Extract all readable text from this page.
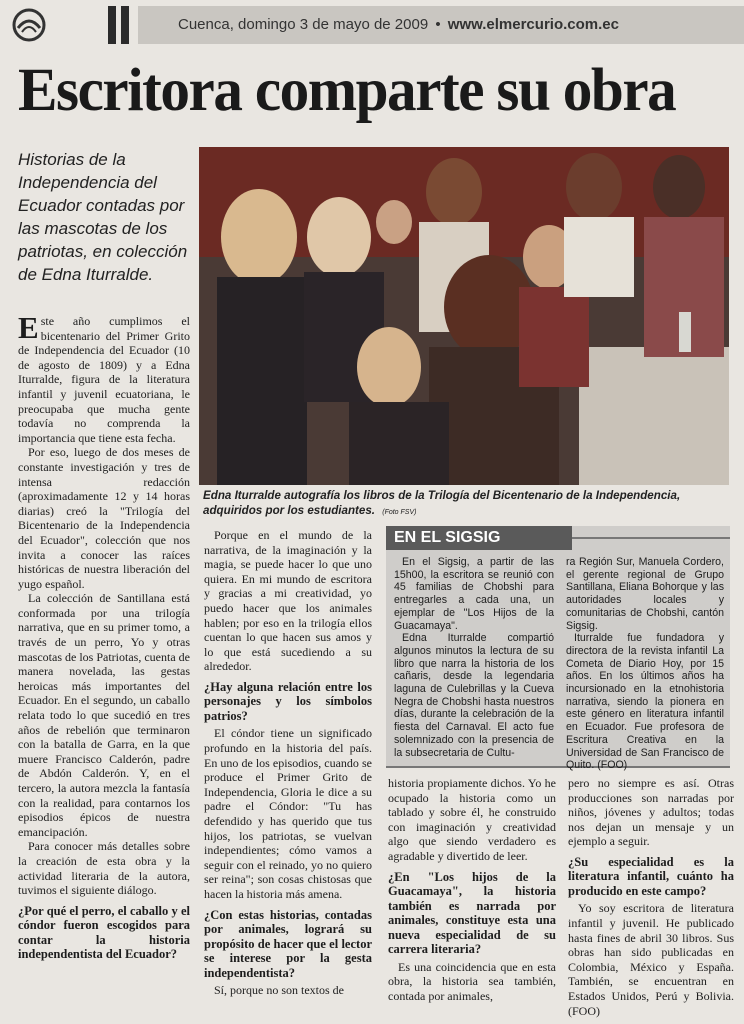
Cuenca, domingo 3 de mayo de 2009 • www.elmercurio.com.ec
Escritora comparte su obra
Historias de la Independencia del Ecuador contadas por las mascotas de los patriotas, en colección de Edna Iturralde.
Edna Iturralde autografía los libros de la Trilogía del Bicentenario de la Independencia, adquiridos por los estudiantes. (Foto FSV)

Este año cumplimos el bicentenario del Primer Grito de Independencia del Ecuador (10 de agosto de 1809) y a Edna Iturralde, figura de la literatura infantil y juvenil ecuatoriana, le preocupaba que mucha gente todavía no comprenda la importancia que tiene esta fecha.

Por eso, luego de dos meses de constante investigación y tres de intensa redacción (aproximadamente 12 y 14 horas diarias) creó la "Trilogía del Bicentenario de la Independencia del Ecuador", colección que nos invita a conocer las raíces históricas de nuestra liberación del yugo español.

La colección de Santillana está conformada por una trilogía narrativa, que en su primer tomo, a través de un perro, Yo y otras mascotas de los Patriotas, cuenta de manera novelada, las gestas heroicas más importantes del Ecuador. En el segundo, un caballo relata todo lo que sucedió en tres años de rebelión que terminaron con la batalla de Garra, en la que muere Francisco Calderón, padre de Abdón Calderón. Y, en el tercero, la autora mezcla la fantasía con la realidad, para contarnos los episodios épicos de nuestra emancipación.

Para conocer más detalles sobre la creación de esta obra y la actividad literaria de la autora, tuvimos el siguiente diálogo.

¿Por qué el perro, el caballo y el cóndor fueron escogidos para contar la historia independentista del Ecuador?

Porque en el mundo de la narrativa, de la imaginación y la magia, se puede hacer lo que uno quiera. En mi mundo de escritora y gracias a mi creatividad, yo puedo hacer que los animales hablen; por eso en la trilogía ellos cuentan lo que hacen sus amos y lo que está sucediendo a su alrededor.

¿Hay alguna relación entre los personajes y los símbolos patrios?

El cóndor tiene un significado profundo en la historia del país. En uno de los episodios, cuando se produce el Primer Grito de Independencia, Gloria le dice a su padre el Cóndor: "Tu has defendido y has querido que tus hijos, los patriotas, se vuelvan independientes; cómo vamos a seguir con el reinado, yo no quiero ser reina"; son cosas chistosas que hacen la historia más amena.

¿Con estas historias, contadas por animales, logrará su propósito de hacer que el lector se interese por la gesta independentista?

Sí, porque no son textos de

EN EL SIGSIG
En el Sigsig, a partir de las 15h00, la escritora se reunió con 45 familias de Chobshi para entregarles a cada una, un ejemplar de "Los Hijos de la Guacamaya".
Edna Iturralde compartió algunos minutos la lectura de su libro que narra la historia de los cañaris, desde la legendaria laguna de Culebrillas y la Cueva Negra de Chobshi hasta nuestros días, durante la celebración de la fiesta del Carnaval. El acto fue solemnizado con la presencia de la subsecretaria de Cultu-
ra Región Sur, Manuela Cordero, el gerente regional de Grupo Santillana, Eliana Bohorque y las autoridades locales y comunitarias de Chobshi, cantón Sigsig.
Iturralde fue fundadora y directora de la revista infantil La Cometa de Diario Hoy, por 15 años. En los últimos años ha incursionado en la etnohistoria narrativa, siendo la pionera en este género en literatura infantil en Ecuador. Fue profesora de Escritura Creativa en la Universidad de San Francisco de Quito. (FOO)

historia propiamente dichos. Yo he ocupado la historia como un tablado y sobre él, he construido con imaginación y creatividad algo que siendo verdadero es agradable y divertido de leer.

¿En "Los hijos de la Guacamaya", la historia también es narrada por animales, constituye esta una nueva especialidad de su carrera literaria?

Es una coincidencia que en esta obra, la historia sea también, contada por animales,

pero no siempre es así. Otras producciones son narradas por niños, jóvenes y adultos; todas nos dejan un mensaje y un ejemplo a seguir.

¿Su especialidad es la literatura infantil, cuánto ha producido en este campo?

Yo soy escritora de literatura infantil y juvenil. He publicado hasta fines de abril 30 libros. Sus obras han sido publicadas en Colombia, México y España. También, se encuentran en Estados Unidos, Perú y Bolivia.(FOO)
